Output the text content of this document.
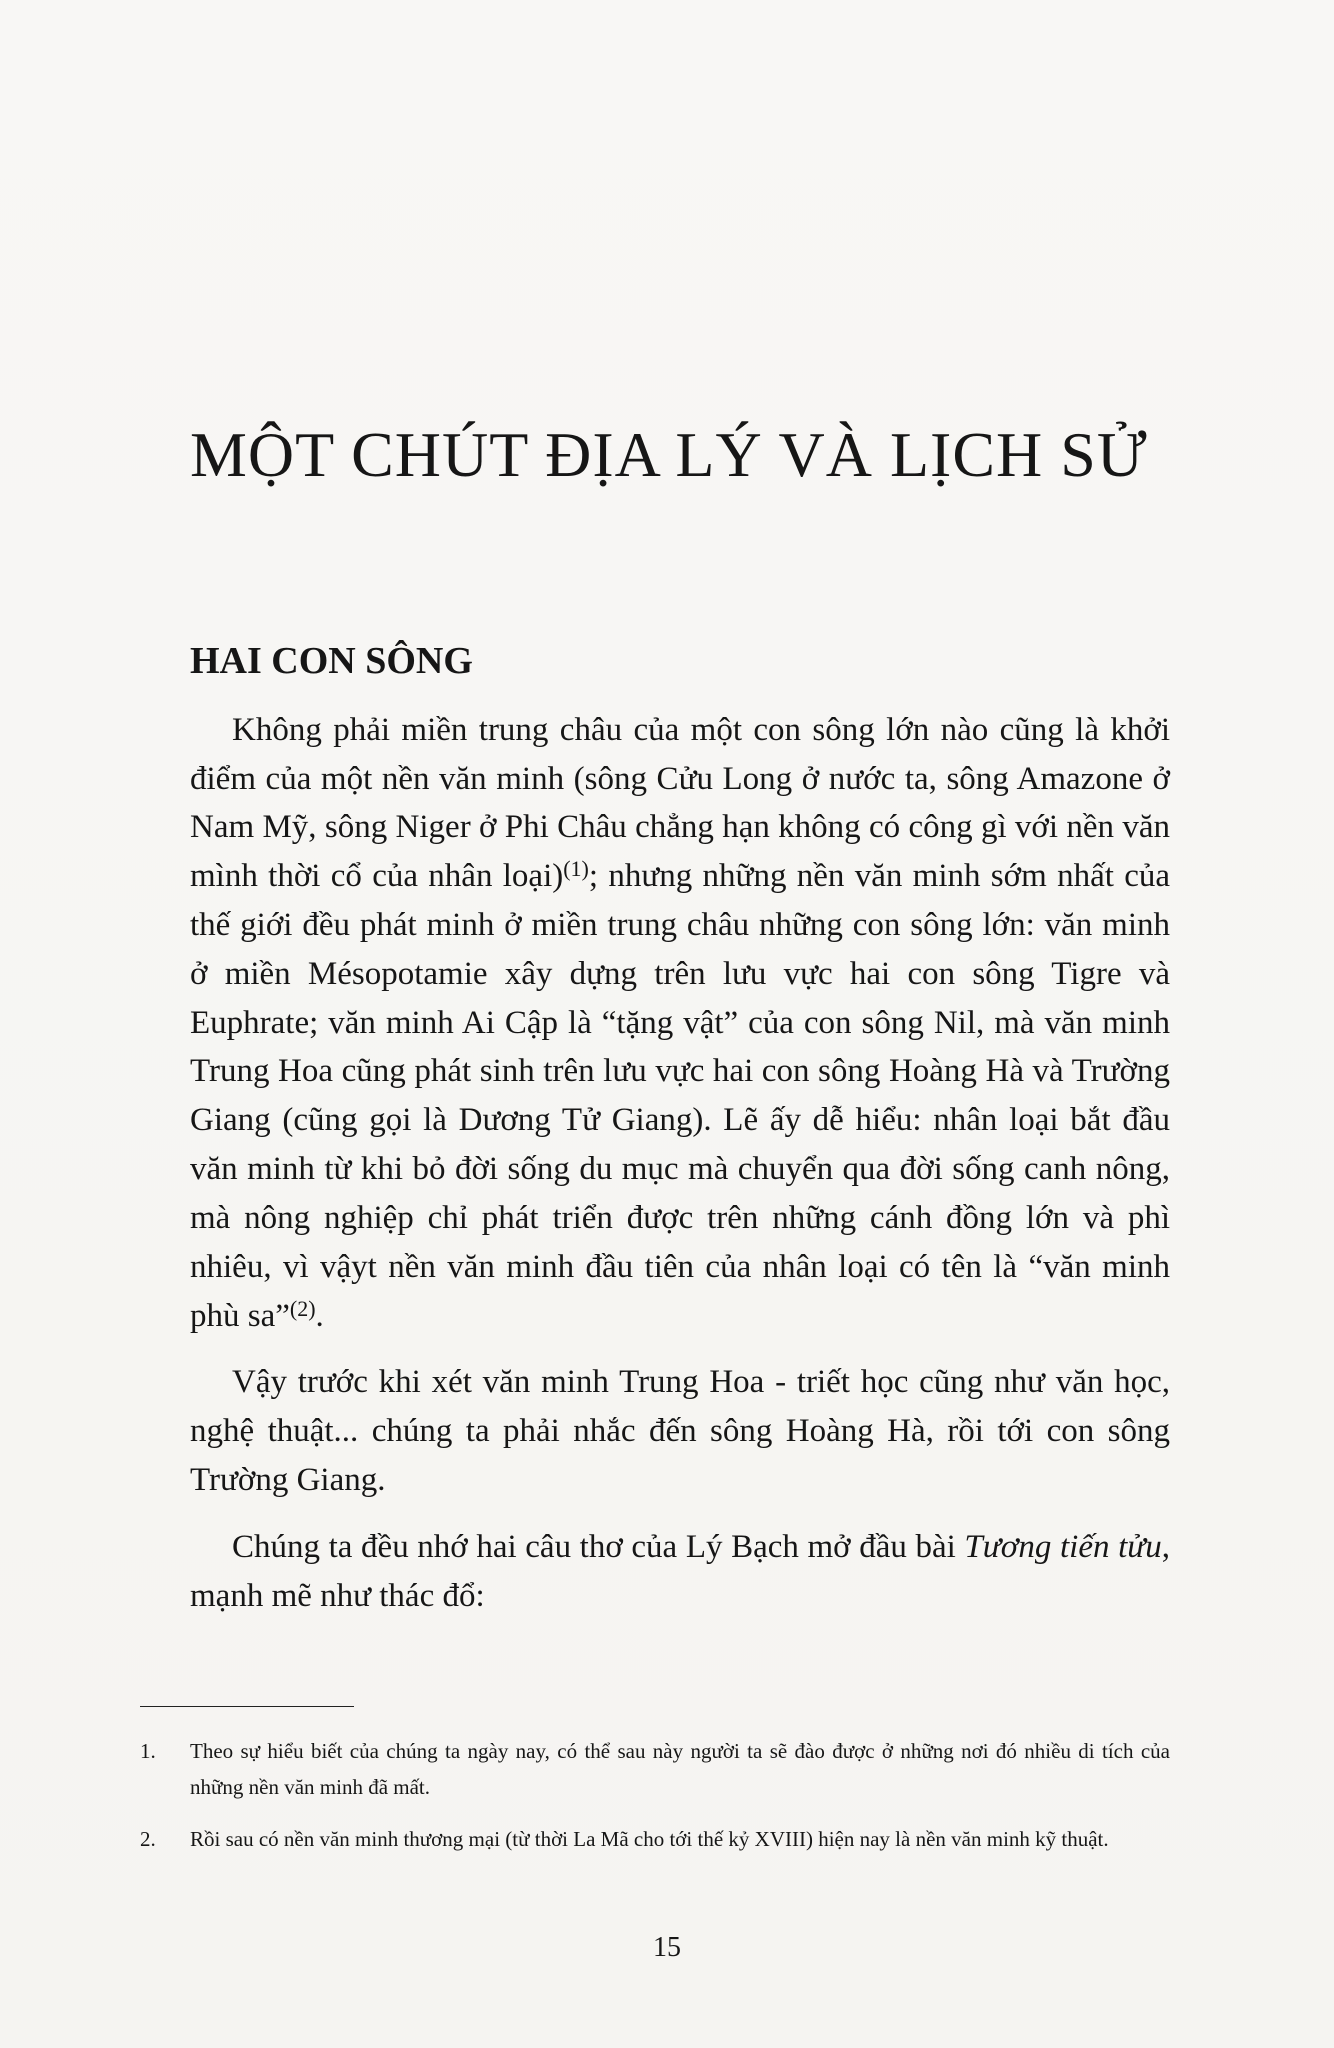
MỘT CHÚT ĐỊA LÝ VÀ LỊCH SỬ
HAI CON SÔNG

Không phải miền trung châu của một con sông lớn nào cũng là khởi điểm của một nền văn minh (sông Cửu Long ở nước ta, sông Amazone ở Nam Mỹ, sông Niger ở Phi Châu chẳng hạn không có công gì với nền văn mình thời cổ của nhân loại)$^{(1)}$; nhưng những nền văn minh sớm nhất của thế giới đều phát minh ở miền trung châu những con sông lớn: văn minh ở miền Mésopotamie xây dựng trên lưu vực hai con sông Tigre và Euphrate; văn minh Ai Cập là “tặng vật” của con sông Nil, mà văn minh Trung Hoa cũng phát sinh trên lưu vực hai con sông Hoàng Hà và Trường Giang (cũng gọi là Dương Tử Giang). Lẽ ấy dễ hiểu: nhân loại bắt đầu văn minh từ khi bỏ đời sống du mục mà chuyển qua đời sống canh nông, mà nông nghiệp chỉ phát triển được trên những cánh đồng lớn và phì nhiêu, vì vậyt nền văn minh đầu tiên của nhân loại có tên là “văn minh phù sa”$^{(2)}$.

Vậy trước khi xét văn minh Trung Hoa - triết học cũng như văn học, nghệ thuật... chúng ta phải nhắc đến sông Hoàng Hà, rồi tới con sông Trường Giang.

Chúng ta đều nhớ hai câu thơ của Lý Bạch mở đầu bài Tương tiến tửu, mạnh mẽ như thác đổ:

1.	Theo sự hiểu biết của chúng ta ngày nay, có thể sau này người ta sẽ đào được ở những nơi đó nhiều di tích của những nền văn minh đã mất.
2.	Rồi sau có nền văn minh thương mại (từ thời La Mã cho tới thế kỷ XVIII) hiện nay là nền văn minh kỹ thuật.
15
